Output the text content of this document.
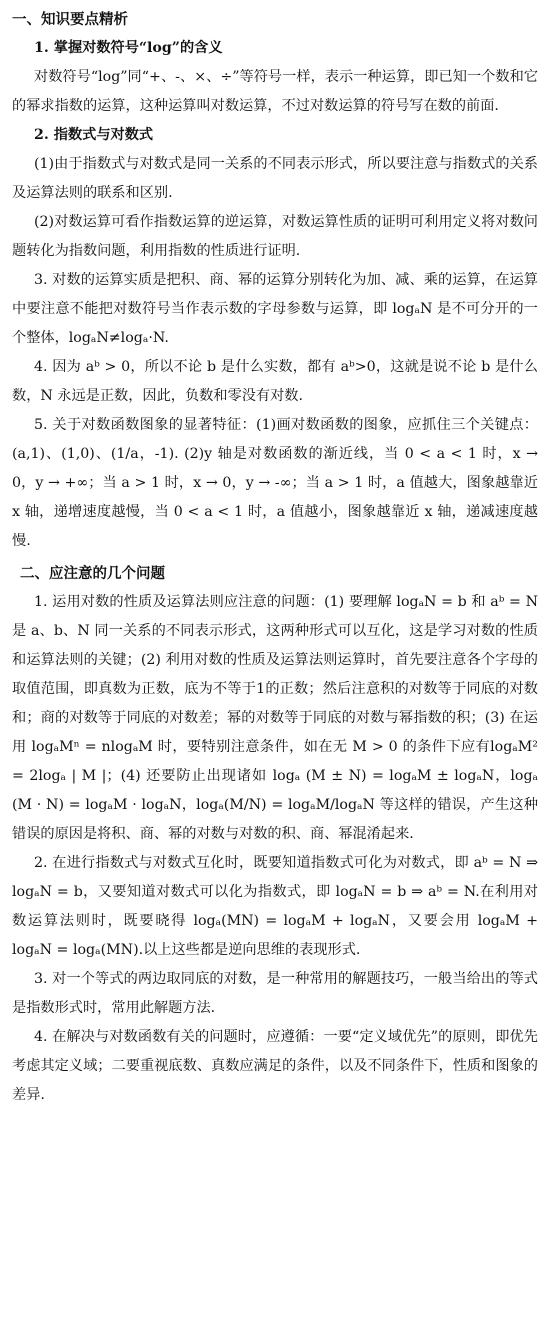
一、知识要点精析
1. 掌握对数符号“log”的含义
对数符号“log”同“+、-、×、÷”等符号一样，表示一种运算，即已知一个数和它的幂求指数的运算，这种运算叫对数运算，不过对数运算的符号写在数的前面.
2. 指数式与对数式
(1)由于指数式与对数式是同一关系的不同表示形式，所以要注意与指数式的关系及运算法则的联系和区别.
(2)对数运算可看作指数运算的逆运算，对数运算性质的证明可利用定义将对数问题转化为指数问题，利用指数的性质进行证明.
3. 对数的运算实质是把积、商、幂的运算分别转化为加、减、乘的运算，在运算中要注意不能把对数符号当作表示数的字母参数与运算，即 logₐN 是不可分开的一个整体，logₐN≠logₐ·N.
4. 因为 aᵇ > 0，所以不论 b 是什么实数，都有 aᵇ>0，这就是说不论 b 是什么数，N 永远是正数，因此，负数和零没有对数.
5. 关于对数函数图象的显著特征：(1)画对数函数的图象，应抓住三个关键点：(a,1)、(1,0)、(1/a，-1). (2)y 轴是对数函数的渐近线，当 0 < a < 1 时，x → 0，y → +∞；当 a > 1 时，x → 0，y → -∞；当 a > 1 时，a 值越大，图象越靠近 x 轴，递增速度越慢，当 0 < a < 1 时，a 值越小，图象越靠近 x 轴，递减速度越慢.
二、应注意的几个问题
1. 运用对数的性质及运算法则应注意的问题：(1) 要理解 logₐN = b 和 aᵇ = N 是 a、b、N 同一关系的不同表示形式，这两种形式可以互化，这是学习对数的性质和运算法则的关键；(2) 利用对数的性质及运算法则运算时，首先要注意各个字母的取值范围，即真数为正数，底为不等于1的正数；然后注意积的对数等于同底的对数和；商的对数等于同底的对数差；幂的对数等于同底的对数与幂指数的积；(3) 在运用 logₐMⁿ = nlogₐM 时，要特别注意条件，如在无 M > 0 的条件下应有logₐM² = 2logₐ | M |；(4) 还要防止出现诸如 logₐ (M ± N) = logₐM ± logₐN，logₐ (M · N) = logₐM · logₐN，logₐ(M/N) = logₐM/logₐN 等这样的错误，产生这种错误的原因是将积、商、幂的对数与对数的积、商、幂混淆起来.
2. 在进行指数式与对数式互化时，既要知道指数式可化为对数式，即 aᵇ = N ⇒ logₐN = b，又要知道对数式可以化为指数式，即 logₐN = b ⇒ aᵇ = N.在利用对数运算法则时，既要晓得 logₐ(MN) = logₐM + logₐN，又要会用 logₐM + logₐN = logₐ(MN).以上这些都是逆向思维的表现形式.
3. 对一个等式的两边取同底的对数，是一种常用的解题技巧，一般当给出的等式是指数形式时，常用此解题方法.
4. 在解决与对数函数有关的问题时，应遵循：一要“定义域优先”的原则，即优先考虑其定义域；二要重视底数、真数应满足的条件，以及不同条件下，性质和图象的差异.
